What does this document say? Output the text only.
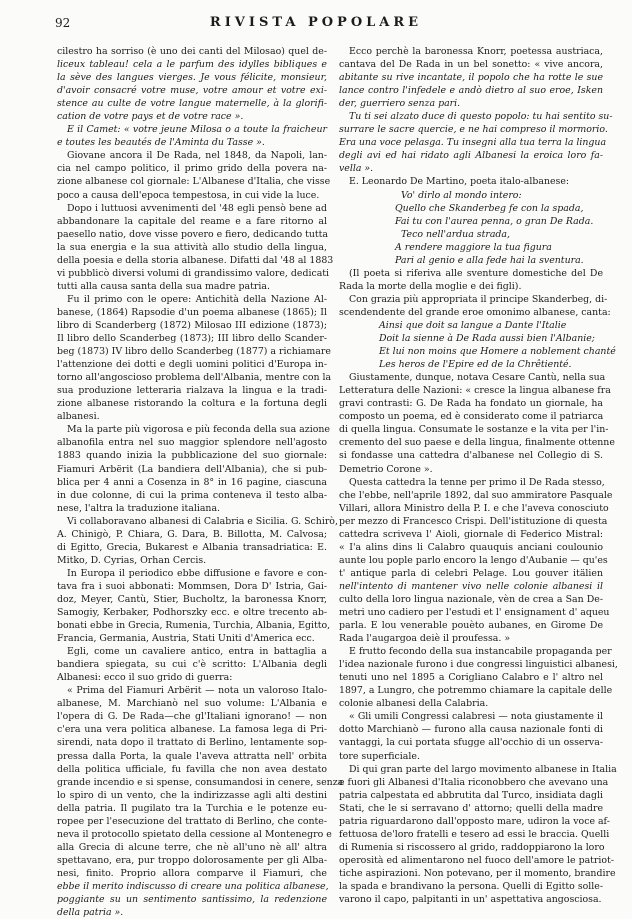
92	RIVISTA POPOLARE
cilestro ha sorriso (è uno dei canti del Milosao) quel de-
liceux tableau! cela a le parfum des idylles bibliques e
la sève des langues vierges. Je vous félicite, monsieur,
d'avoir consacré votre muse, votre amour et votre exi-
stence au culte de votre langue maternelle, à la glorifi-
cation de votre pays et de votre race ».
E il Camet: « votre jeune Milosa o a toute la fraicheur
e toutes les beautés de l'Aminta du Tasse ».
Giovane ancora il De Rada, nel 1848, da Napoli, lan-
cia nel campo politico, il primo grido della povera na-
zione albanese col giornale: L'Albanese d'Italia, che visse
poco a causa dell'epoca tempestosa, in cui vide la luce.
Dopo i luttuosi avvenimenti del '48 egli pensò bene ad
abbandonare la capitale del reame e a fare ritorno al
paesello natio, dove visse povero e fiero, dedicando tutta
la sua energia e la sua attività allo studio della lingua,
della poesia e della storia albanese. Difatti dal '48 al 1883
vi pubblicò diversi volumi di grandissimo valore, dedicati
tutti alla causa santa della sua madre patria.
Fu il primo con le opere: Antichità della Nazione Al-
banese, (1864) Rapsodie d'un poema albanese (1865); Il
libro di Scanderberg (1872) Milosao III edizione (1873);
Il libro dello Scanderbeg (1873); III libro dello Scander-
beg (1873) IV libro dello Scanderbeg (1877) a richiamare
l'attenzione dei dotti e degli uomini politici d'Europa in-
torno all'angoscioso problema dell'Albania, mentre con la
sua produzione letteraria rialzava la lingua e la tradi-
zione albanese ristorando la coltura e la fortuna degli
albanesi.
Ma la parte più vigorosa e più feconda della sua azione
albanofila entra nel suo maggior splendore nell'agosto
1883 quando inizia la pubblicazione del suo giornale:
Fiamuri Arbërit (La bandiera dell'Albania), che si pub-
blica per 4 anni a Cosenza in 8° in 16 pagine, ciascuna
in due colonne, di cui la prima conteneva il testo alba-
nese, l'altra la traduzione italiana.
Vi collaboravano albanesi di Calabria e Sicilia. G. Schirò,
A. Chinigò, P. Chiara, G. Dara, B. Billotta, M. Calvosa;
di Egitto, Grecia, Bukarest e Albania transadriatica: E.
Mitko, D. Cyrias, Orhan Cercis.
In Europa il periodico ebbe diffusione e favore e con-
tava fra i suoi abbonati: Mommsen, Dora D' Istria, Gai-
doz, Meyer, Cantù, Stier, Bucholtz, la baronessa Knorr,
Samogiy, Kerbaker, Podhorszky ecc. e oltre trecento ab-
bonati ebbe in Grecia, Rumenia, Turchia, Albania, Egitto,
Francia, Germania, Austria, Stati Uniti d'America ecc.
Egli, come un cavaliere antico, entra in battaglia a
bandiera spiegata, su cui c'è scritto: L'Albania degli
Albanesi: ecco il suo grido di guerra:
« Prima del Fiamuri Arbërit — nota un valoroso Italo-
albanese, M. Marchianò nel suo volume: L'Albania e
l'opera di G. De Rada—che gl'Italiani ignorano! — non
c'era una vera politica albanese. La famosa lega di Pri-
sirendi, nata dopo il trattato di Berlino, lentamente sop-
pressa dalla Porta, la quale l'aveva attratta nell' orbita
della politica ufficiale, fu favilla che non avea destato
grande incendio e si spense, consumandosi in cenere, senza
lo spiro di un vento, che la indirizzasse agli alti destini
della patria. Il pugilato tra la Turchia e le potenze eu-
ropee per l'esecuzione del trattato di Berlino, che conte-
neva il protocollo spietato della cessione al Montenegro e
alla Grecia di alcune terre, che nè all'uno nè all' altra
spettavano, era, pur troppo dolorosamente per gli Alba-
nesi, finito. Proprio allora comparve il Fiamuri, che
ebbe il merito indiscusso di creare una politica albanese,
poggiante su un sentimento santissimo, la redenzione
della patria ».
Ecco perchè la baronessa Knorr, poetessa austriaca,
cantava del De Rada in un bel sonetto: « vive ancora,
abitante su rive incantate, il popolo che ha rotte le sue
lance contro l'infedele e andò dietro al suo eroe, Isken
der, guerriero senza pari.
Tu ti sei alzato duce di questo popolo: tu hai sentito su-
surrare le sacre quercie, e ne hai compreso il mormorio.
Era una voce pelasga. Tu insegni alla tua terra la lingua
degli avi ed hai ridato agli Albanesi la eroica loro fa-
vella ».
E. Leonardo De Martino, poeta italo-albanese:
Vo' dirlo al mondo intero:
Quello che Skanderbeg fe con la spada,
Fai tu con l'aurea penna, o gran De Rada.
Teco nell'ardua strada,
A rendere maggiore la tua figura
Pari al genio e alla fede hai la sventura.
(Il poeta si riferiva alle sventure domestiche del De
Rada la morte della moglie e dei figli).
Con grazia più appropriata il principe Skanderbeg, di-
scendendente del grande eroe omonimo albanese, canta:
Ainsi que doit sa langue a Dante l'Italie
Doit la sienne à De Rada aussi bien l'Albanie;
Et lui non moins que Homere a noblement chanté
Les heros de l'Epire ed de la Chrêtienté.
Giustamente, dunque, notava Cesare Cantù, nella sua
Letteratura delle Nazioni: « cresce la lingua albanese fra
gravi contrasti: G. De Rada ha fondato un giornale, ha
composto un poema, ed è considerato come il patriarca
di quella lingua. Consumate le sostanze e la vita per l'in-
cremento del suo paese e della lingua, finalmente ottenne
si fondasse una cattedra d'albanese nel Collegio di S.
Demetrio Corone ».
Questa cattedra la tenne per primo il De Rada stesso,
che l'ebbe, nell'aprile 1892, dal suo ammiratore Pasquale
Villari, allora Ministro della P. I. e che l'aveva conosciuto
per mezzo di Francesco Crispi. Dell'istituzione di questa
cattedra scriveva l' Aioli, giornale di Federico Mistral:
« I'a alins dins li Calabro quauquis anciani coulounio
aunte lou pople parlo encoro la lengo d'Aubanie — qu'es
t' antique parla di celebri Pelage. Lou gouver itälien
nell'intento di mantener vivo nelle colonie albanesi il
culto della loro lingua nazionale, vèn de crea a San De-
metri uno cadiero per l'estudi et l' ensignament d' aqueu
parla. E lou venerable pouèto aubanes, en Girome De
Rada l'augargoa deiè il proufessa. »
E frutto fecondo della sua instancabile propaganda per
l'idea nazionale furono i due congressi linguistici albanesi,
tenuti uno nel 1895 a Corigliano Calabro e l' altro nel
1897, a Lungro, che potremmo chiamare la capitale delle
colonie albanesi della Calabria.
« Gli umili Congressi calabresi — nota giustamente il
dotto Marchianò — furono alla causa nazionale fonti di
vantaggi, la cui portata sfugge all'occhio di un osserva-
tore superficiale.
Di qui gran parte del largo movimento albanese in Italia
e fuori gli Albanesi d'Italia riconobbero che avevano una
patria calpestata ed abbrutita dal Turco, insidiata dagli
Stati, che le si serravano d' attorno; quelli della madre
patria riguardarono dall'opposto mare, udiron la voce af-
fettuosa de'loro fratelli e tesero ad essi le braccia. Quelli
di Rumenia si riscossero al grido, raddoppiarono la loro
operosità ed alimentarono nel fuoco dell'amore le patriot-
tiche aspirazioni. Non potevano, per il momento, brandire
la spada e brandivano la persona. Quelli di Egitto solle-
varono il capo, palpitanti in un' aspettativa angosciosa.
